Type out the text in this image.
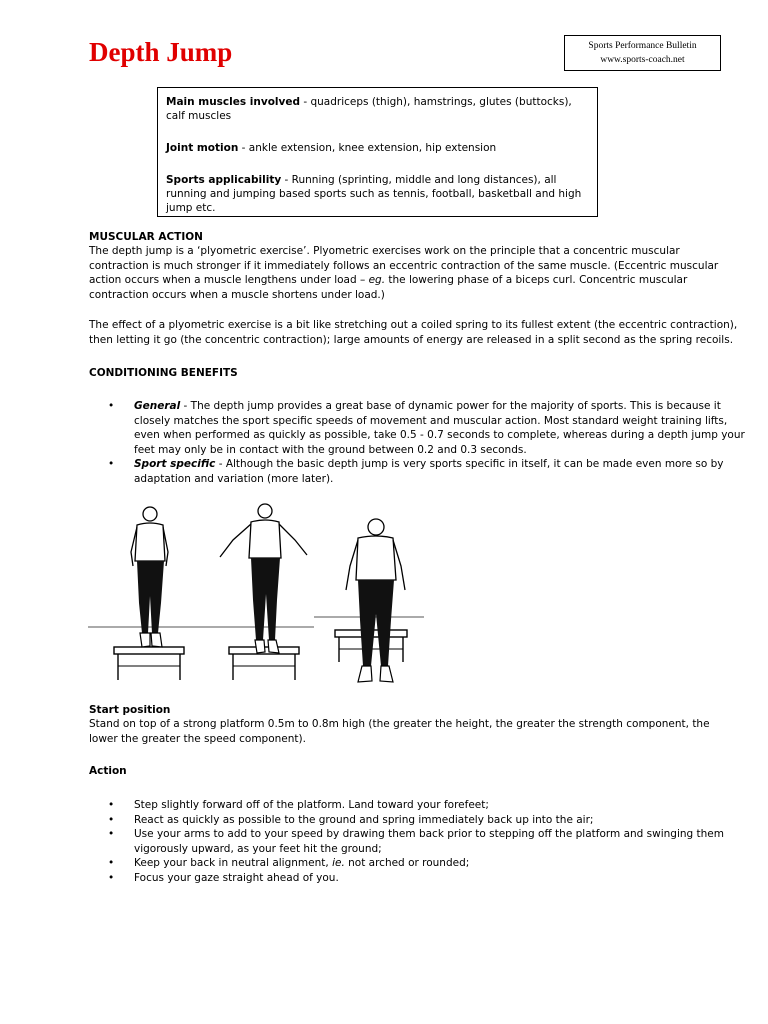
Depth Jump	Sports Performance Bulletin
www.sports-coach.net

Main muscles involved - quadriceps (thigh), hamstrings, glutes (buttocks), calf muscles

Joint motion - ankle extension, knee extension, hip extension

Sports applicability - Running (sprinting, middle and long distances), all running and jumping based sports such as tennis, football, basketball and high jump etc.

MUSCULAR ACTION

The depth jump is a ‘plyometric exercise’. Plyometric exercises work on the principle that a concentric muscular contraction is much stronger if it immediately follows an eccentric contraction of the same muscle. (Eccentric muscular action occurs when a muscle lengthens under load – eg. the lowering phase of a biceps curl. Concentric muscular contraction occurs when a muscle shortens under load.)

The effect of a plyometric exercise is a bit like stretching out a coiled spring to its fullest extent (the eccentric contraction), then letting it go (the concentric contraction); large amounts of energy are released in a split second as the spring recoils.

CONDITIONING BENEFITS
• General - The depth jump provides a great base of dynamic power for the majority of sports. This is because it closely matches the sport specific speeds of movement and muscular action. Most standard weight training lifts, even when performed as quickly as possible, take 0.5 - 0.7 seconds to complete, whereas during a depth jump your feet may only be in contact with the ground between 0.2 and 0.3 seconds.
• Sport specific - Although the basic depth jump is very sports specific in itself, it can be made even more so by adaptation and variation (more later).
Start position

Stand on top of a strong platform 0.5m to 0.8m high (the greater the height, the greater the strength component, the lower the greater the speed component).

Action
• Step slightly forward off of the platform. Land toward your forefeet;
• React as quickly as possible to the ground and spring immediately back up into the air;
• Use your arms to add to your speed by drawing them back prior to stepping off the platform and swinging them vigorously upward, as your feet hit the ground;
• Keep your back in neutral alignment, ie. not arched or rounded;
• Focus your gaze straight ahead of you.
